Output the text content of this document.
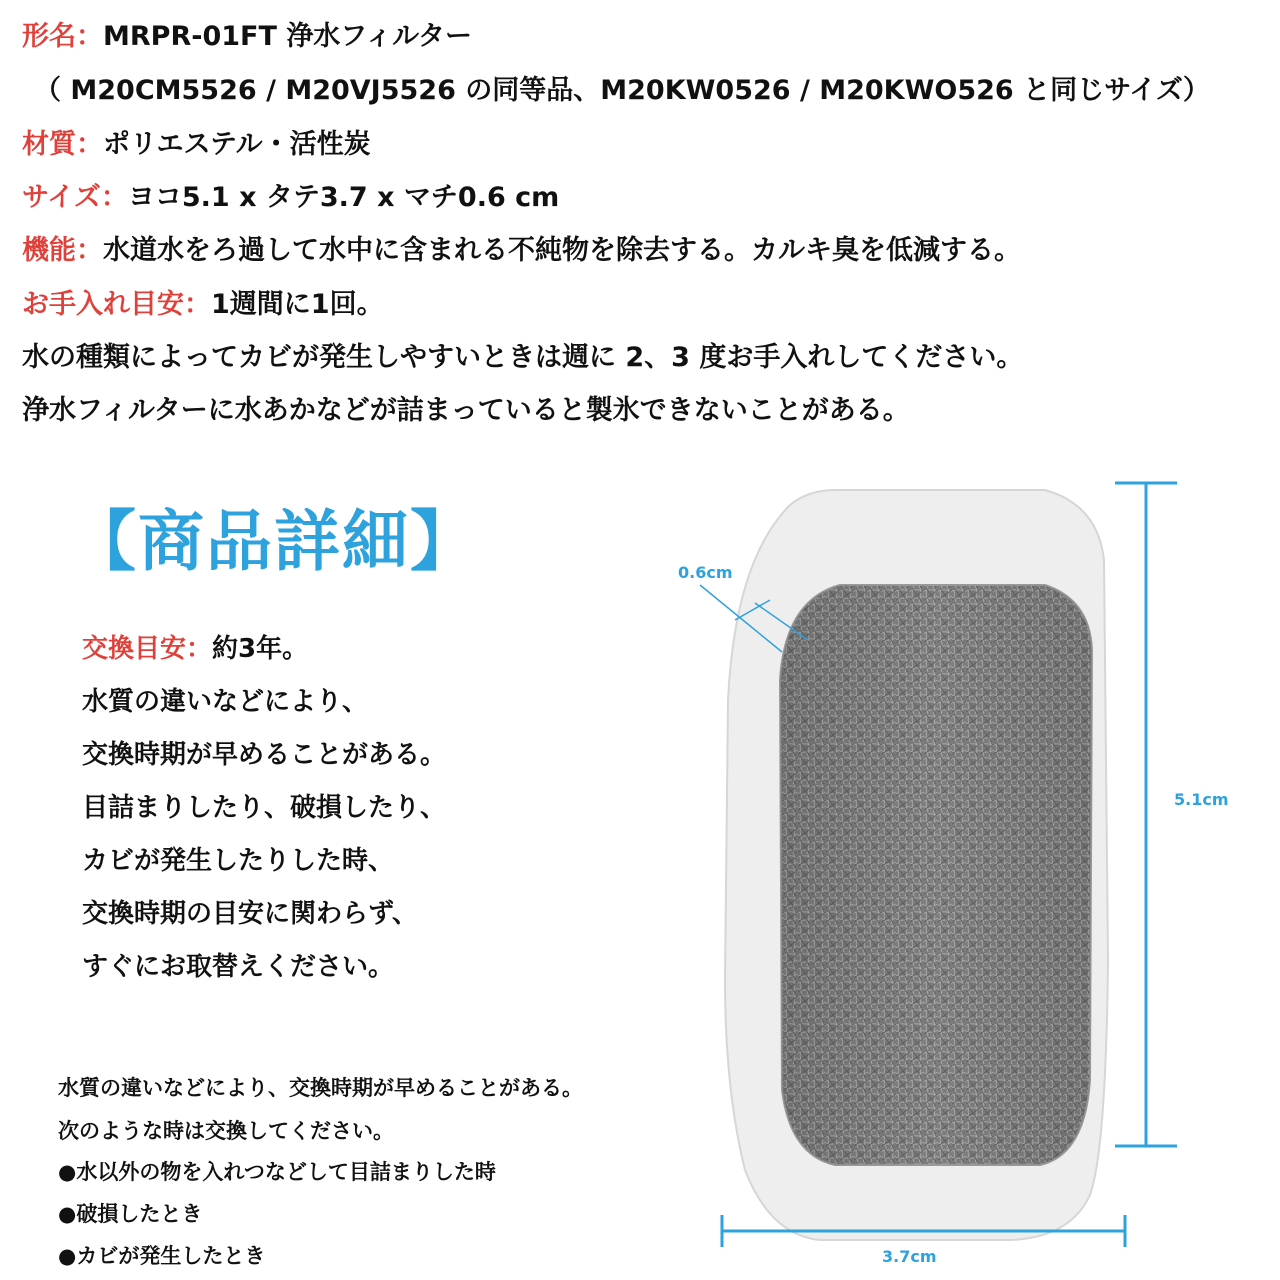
形名：MRPR-01FT 浄水フィルター
（ M20CM5526 / M20VJ5526 の同等品、M20KW0526 / M20KWO526 と同じサイズ）
材質：ポリエステル・活性炭
サイズ：ヨコ5.1 x タテ3.7 x マチ0.6 cm
機能：水道水をろ過して水中に含まれる不純物を除去する。カルキ臭を低減する。
お手入れ目安：1週間に1回。
水の種類によってカビが発生しやすいときは週に 2、3 度お手入れしてください。
浄水フィルターに水あかなどが詰まっていると製氷できないことがある。
【商品詳細】
交換目安：約3年。
水質の違いなどにより、
交換時期が早めることがある。
目詰まりしたり、破損したり、
カビが発生したりした時、
交換時期の目安に関わらず、
すぐにお取替えください。
水質の違いなどにより、交換時期が早めることがある。
次のような時は交換してください。
●水以外の物を入れつなどして目詰まりした時
●破損したとき
●カビが発生したとき
0.6cm
5.1cm
3.7cm
